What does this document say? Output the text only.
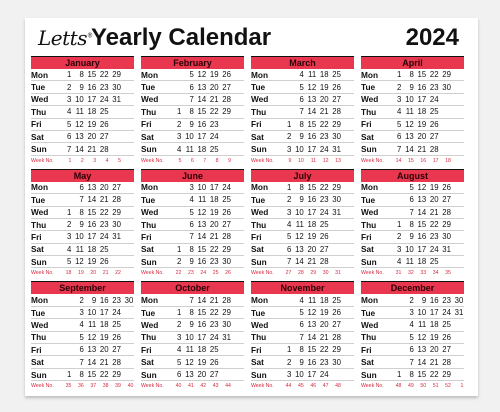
Letts®
Yearly Calendar	2024
January
Mon	1	8 15 22 29
Tue	2	9 16 23 30
Wed	3 10 17 24 31
Thu	4 11 18 25
Fri	5 12 19 26
Sat	6 13 20 27
Sun	7 14 21 28
Week No.	1	2	3	4	5
February
Mon	5 12 19 26
Tue	6 13 20 27
Wed	7 14 21 28
Thu	1	8 15 22 29
Fri	2	9 16 23
Sat	3 10 17 24
Sun	4 11 18 25
Week No.	5	6	7	8	9
March
Mon	4 11 18 25
Tue	5 12 19 26
Wed	6 13 20 27
Thu	7 14 21 28
Fri	1	8 15 22 29
Sat	2	9 16 23 30
Sun	3 10 17 24 31
Week No.	9	10	11	12	13
April
Mon	1	8 15 22 29
Tue	2	9 16 23 30
Wed	3 10 17 24
Thu	4 11 18 25
Fri	5 12 19 26
Sat	6 13 20 27
Sun	7 14 21 28
Week No.	14	15	16	17	18
May
Mon	6 13 20 27
Tue	7 14 21 28
Wed	1	8 15 22 29
Thu	2	9 16 23 30
Fri	3 10 17 24 31
Sat	4 11 18 25
Sun	5 12 19 26
Week No.	18	19	20	21	22
June
Mon	3 10 17 24
Tue	4 11 18 25
Wed	5 12 19 26
Thu	6 13 20 27
Fri	7 14 21 28
Sat	1	8 15 22 29
Sun	2	9 16 23 30
Week No.	22	23	24	25	26
July
Mon	1	8 15 22 29
Tue	2	9 16 23 30
Wed	3 10 17 24 31
Thu	4 11 18 25
Fri	5 12 19 26
Sat	6 13 20 27
Sun	7 14 21 28
Week No.	27	28	29	30	31
August
Mon	5 12 19 26
Tue	6 13 20 27
Wed	7 14 21 28
Thu	1	8 15 22 29
Fri	2	9 16 23 30
Sat	3 10 17 24 31
Sun	4 11 18 25
Week No.	31	32	33	34	35
September
Mon	2	9 16 23 30
Tue	3 10 17 24
Wed	4 11 18 25
Thu	5 12 19 26
Fri	6 13 20 27
Sat	7 14 21 28
Sun	1	8 15 22 29
Week No.	35	36	37	38	39	40
October
Mon	7 14 21 28
Tue	1	8 15 22 29
Wed	2	9 16 23 30
Thu	3 10 17 24 31
Fri	4 11 18 25
Sat	5 12 19 26
Sun	6 13 20 27
Week No.	40	41	42	43	44
November
Mon	4 11 18 25
Tue	5 12 19 26
Wed	6 13 20 27
Thu	7 14 21 28
Fri	1	8 15 22 29
Sat	2	9 16 23 30
Sun	3 10 17 24
Week No.	44	45	46	47	48
December
Mon	2	9 16 23 30
Tue	3 10 17 24 31
Wed	4 11 18 25
Thu	5 12 19 26
Fri	6 13 20 27
Sat	7 14 21 28
Sun	1	8 15 22 29
Week No.	48	49	50	51	52	1
